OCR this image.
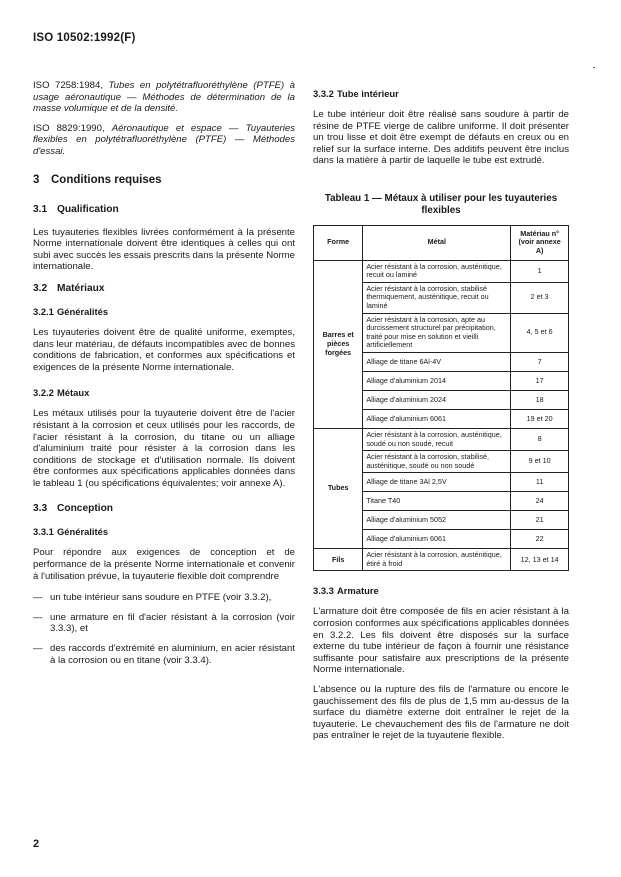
ISO 10502:1992(F)

ISO 7258:1984, Tubes en polytétrafluoréthylène (PTFE) à usage aéronautique — Méthodes de détermination de la masse volumique et de la densité.

ISO 8829:1990, Aéronautique et espace — Tuyauteries flexibles en polytétrafluoréthylène (PTFE) — Méthodes d'essai.

3 Conditions requises
3.1 Qualification

Les tuyauteries flexibles livrées conformément à la présente Norme internationale doivent être identiques à celles qui ont subi avec succès les essais prescrits dans la présente Norme internationale.

3.2 Matériaux
3.2.1 Généralités

Les tuyauteries doivent être de qualité uniforme, exemptes, dans leur matériau, de défauts incompatibles avec de bonnes conditions de fabrication, et conformes aux spécifications et exigences de la présente Norme internationale.

3.2.2 Métaux

Les métaux utilisés pour la tuyauterie doivent être de l'acier résistant à la corrosion et ceux utilisés pour les raccords, de l'acier résistant à la corrosion, du titane ou un alliage d'aluminium traité pour résister à la corrosion dans les conditions de stockage et d'utilisation normale. Ils doivent être conformes aux spécifications applicables données dans le tableau 1 (ou spécifications équivalentes; voir annexe A).

3.3 Conception
3.3.1 Généralités

Pour répondre aux exigences de conception et de performance de la présente Norme internationale et convenir à l'utilisation prévue, la tuyauterie flexible doit comprendre

— un tube intérieur sans soudure en PTFE (voir 3.3.2),
— une armature en fil d'acier résistant à la corrosion (voir 3.3.3), et
— des raccords d'extrémité en aluminium, en acier résistant à la corrosion ou en titane (voir 3.3.4).
3.3.2 Tube intérieur

Le tube intérieur doit être réalisé sans soudure à partir de résine de PTFE vierge de calibre uniforme. Il doit présenter un trou lisse et doit être exempt de défauts en creux ou en relief sur la surface interne. Des additifs peuvent être inclus dans la matière à partir de laquelle le tube est extrudé.

Tableau 1 — Métaux à utiliser pour les tuyauteries flexibles
Forme	Métal	Matériau n° (voir annexe A)
Barres et pièces forgées	Acier résistant à la corrosion, austénitique, recuit ou laminé	1
	Acier résistant à la corrosion, stabilisé thermiquement, austénitique, recuit ou laminé	2 et 3
	Acier résistant à la corrosion, apte au durcissement structurel par précipitation, traité pour mise en solution et vieilli artificiellement	4, 5 et 6
	Alliage de titane 6Al-4V	7
	Alliage d'aluminium 2014	17
	Alliage d'aluminium 2024	18
	Alliage d'aluminium 6061	19 et 20
Tubes	Acier résistant à la corrosion, austénitique, soudé ou non soudé, recuit	8
	Acier résistant à la corrosion, stabilisé, austénitique, soudé ou non soudé	9 et 10
	Alliage de titane 3Al 2,5V	11
	Titane T40	24
	Alliage d'aluminium 5052	21
	Alliage d'aluminium 6061	22
Fils	Acier résistant à la corrosion, austénitique, étiré à froid	12, 13 et 14
3.3.3 Armature

L'armature doit être composée de fils en acier résistant à la corrosion conformes aux spécifications applicables données en 3.2.2. Les fils doivent être disposés sur la surface externe du tube intérieur de façon à fournir une résistance suffisante pour satisfaire aux prescriptions de la présente Norme internationale.

L'absence ou la rupture des fils de l'armature ou encore le gauchissement des fils de plus de 1,5 mm au-dessus de la surface du diamètre externe doit entraîner le rejet de la tuyauterie. Le chevauchement des fils de l'armature ne doit pas entraîner le rejet de la tuyauterie flexible.

2
